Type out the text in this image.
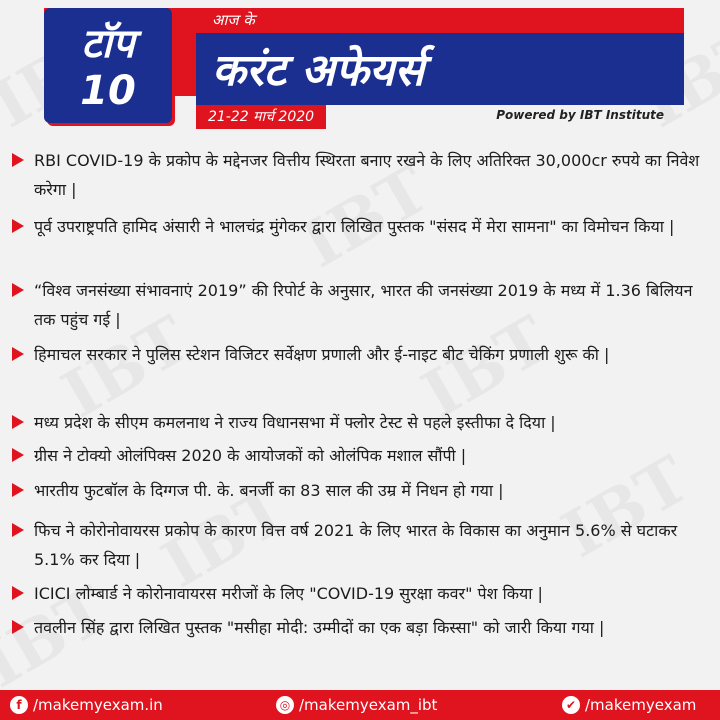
टॉप
10
आज के
करंट अफेयर्स
21-22 मार्च 2020	Powered by IBT Institute
RBI COVID-19 के प्रकोप के मद्देनजर वित्तीय स्थिरता बनाए रखने के लिए अतिरिक्त 30,000cr रुपये का निवेश करेगा |
पूर्व उपराष्ट्रपति हामिद अंसारी ने भालचंद्र मुंगेकर द्वारा लिखित पुस्तक "संसद में मेरा सामना" का विमोचन किया |
“विश्व जनसंख्या संभावनाएं 2019” की रिपोर्ट के अनुसार, भारत की जनसंख्या 2019 के मध्य में 1.36 बिलियन तक पहुंच गई |
हिमाचल सरकार ने पुलिस स्टेशन विजिटर सर्वेक्षण प्रणाली और ई-नाइट बीट चेकिंग प्रणाली शुरू की |
मध्य प्रदेश के सीएम कमलनाथ ने राज्य विधानसभा में फ्लोर टेस्ट से पहले इस्तीफा दे दिया |
ग्रीस ने टोक्यो ओलंपिक्स 2020 के आयोजकों को ओलंपिक मशाल सौंपी |
भारतीय फुटबॉल के दिग्गज पी. के. बनर्जी का 83 साल की उम्र में निधन हो गया |
फिच ने कोरोनोवायरस प्रकोप के कारण वित्त वर्ष 2021 के लिए भारत के विकास का अनुमान 5.6% से घटाकर 5.1% कर दिया |
ICICI लोम्बार्ड ने कोरोनावायरस मरीजों के लिए "COVID-19 सुरक्षा कवर" पेश किया |
तवलीन सिंह द्वारा लिखित पुस्तक "मसीहा मोदी: उम्मीदों का एक बड़ा किस्सा" को जारी किया गया |
f /makemyexam.in	◎ /makemyexam_ibt	✔ /makemyexam
